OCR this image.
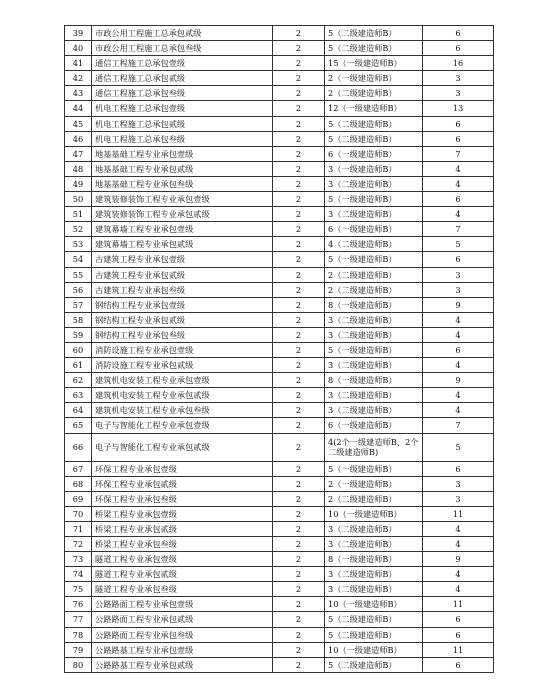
39	市政公用工程施工总承包贰级	2	5（二级建造师B）	6
40	市政公用工程施工总承包叁级	2	5（二级建造师B）	6
41	通信工程施工总承包壹级	2	15（一级建造师B）	16
42	通信工程施工总承包贰级	2	2（一级建造师B）	3
43	通信工程施工总承包叁级	2	2（二级建造师B）	3
44	机电工程施工总承包壹级	2	12（一级建造师B）	13
45	机电工程施工总承包贰级	2	5（二级建造师B）	6
46	机电工程施工总承包叁级	2	5（二级建造师B）	6
47	地基基础工程专业承包壹级	2	6（一级建造师B）	7
48	地基基础工程专业承包贰级	2	3（一级建造师B）	4
49	地基基础工程专业承包叁级	2	3（二级建造师B）	4
50	建筑装修装饰工程专业承包壹级	2	5（一级建造师B）	6
51	建筑装修装饰工程专业承包贰级	2	3（二级建造师B）	4
52	建筑幕墙工程专业承包壹级	2	6（一级建造师B）	7
53	建筑幕墙工程专业承包贰级	2	4（二级建造师B）	5
54	古建筑工程专业承包壹级	2	5（一级建造师B）	6
55	古建筑工程专业承包贰级	2	2（二级建造师B）	3
56	古建筑工程专业承包叁级	2	2（二级建造师B）	3
57	钢结构工程专业承包壹级	2	8（一级建造师B）	9
58	钢结构工程专业承包贰级	2	3（二级建造师B）	4
59	钢结构工程专业承包叁级	2	3（二级建造师B）	4
60	消防设施工程专业承包壹级	2	5（一级建造师B）	6
61	消防设施工程专业承包贰级	2	3（二级建造师B）	4
62	建筑机电安装工程专业承包壹级	2	8（一级建造师B）	9
63	建筑机电安装工程专业承包贰级	2	3（二级建造师B）	4
64	建筑机电安装工程专业承包叁级	2	3（二级建造师B）	4
65	电子与智能化工程专业承包壹级	2	6（一级建造师B）	7
66	电子与智能化工程专业承包贰级	2	4(2个一级建造师B、2个二级建造师B)	5
67	环保工程专业承包壹级	2	5（一级建造师B）	6
68	环保工程专业承包贰级	2	2（一级建造师B）	3
69	环保工程专业承包叁级	2	2（二级建造师B）	3
70	桥梁工程专业承包壹级	2	10（一级建造师B）	11
71	桥梁工程专业承包贰级	2	3（二级建造师B）	4
72	桥梁工程专业承包叁级	2	3（二级建造师B）	4
73	隧道工程专业承包壹级	2	8（一级建造师B）	9
74	隧道工程专业承包贰级	2	3（二级建造师B）	4
75	隧道工程专业承包叁级	2	3（二级建造师B）	4
76	公路路面工程专业承包壹级	2	10（一级建造师B）	11
77	公路路面工程专业承包贰级	2	5（二级建造师B）	6
78	公路路面工程专业承包叁级	2	5（二级建造师B）	6
79	公路路基工程专业承包壹级	2	10（一级建造师B）	11
80	公路路基工程专业承包贰级	2	5（二级建造师B）	6
